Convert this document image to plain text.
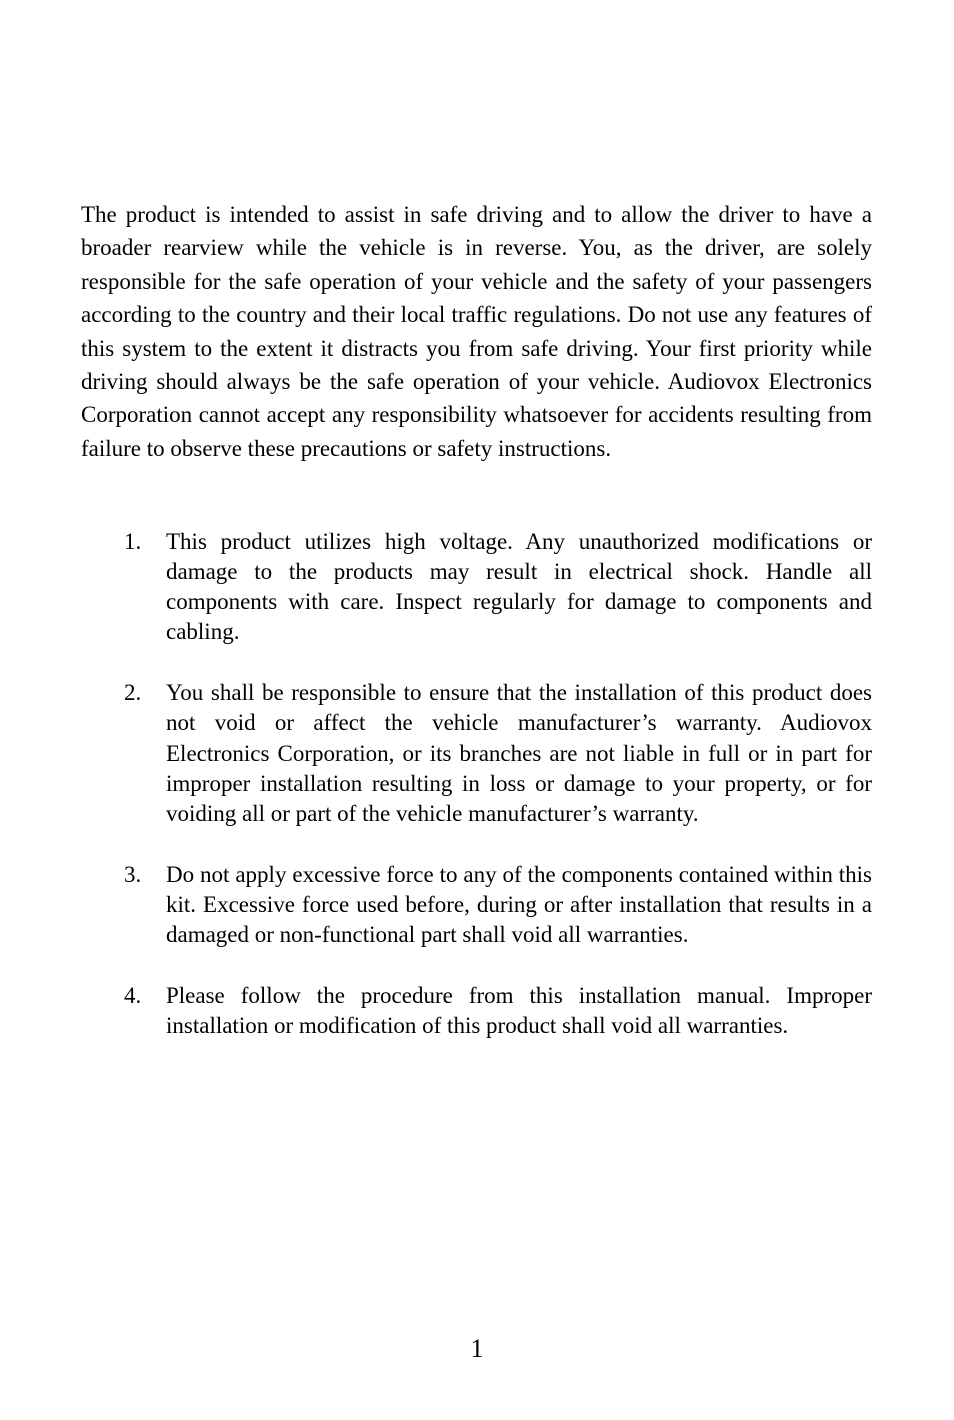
The product is intended to assist in safe driving and to allow the driver to have a broader rearview while the vehicle is in reverse. You, as the driver, are solely responsible for the safe operation of your vehicle and the safety of your passengers according to the country and their local traffic regulations. Do not use any features of this system to the extent it distracts you from safe driving. Your first priority while driving should always be the safe operation of your vehicle. Audiovox Electronics Corporation cannot accept any responsibility whatsoever for accidents resulting from failure to observe these precautions or safety instructions.

1. This product utilizes high voltage. Any unauthorized modifications or damage to the products may result in electrical shock. Handle all components with care. Inspect regularly for damage to components and cabling.

2. You shall be responsible to ensure that the installation of this product does not void or affect the vehicle manufacturer’s warranty. Audiovox Electronics Corporation, or its branches are not liable in full or in part for improper installation resulting in loss or damage to your property, or for voiding all or part of the vehicle manufacturer’s warranty.

3. Do not apply excessive force to any of the components contained within this kit. Excessive force used before, during or after installation that results in a damaged or non-functional part shall void all warranties.

4. Please follow the procedure from this installation manual. Improper installation or modification of this product shall void all warranties.

1
